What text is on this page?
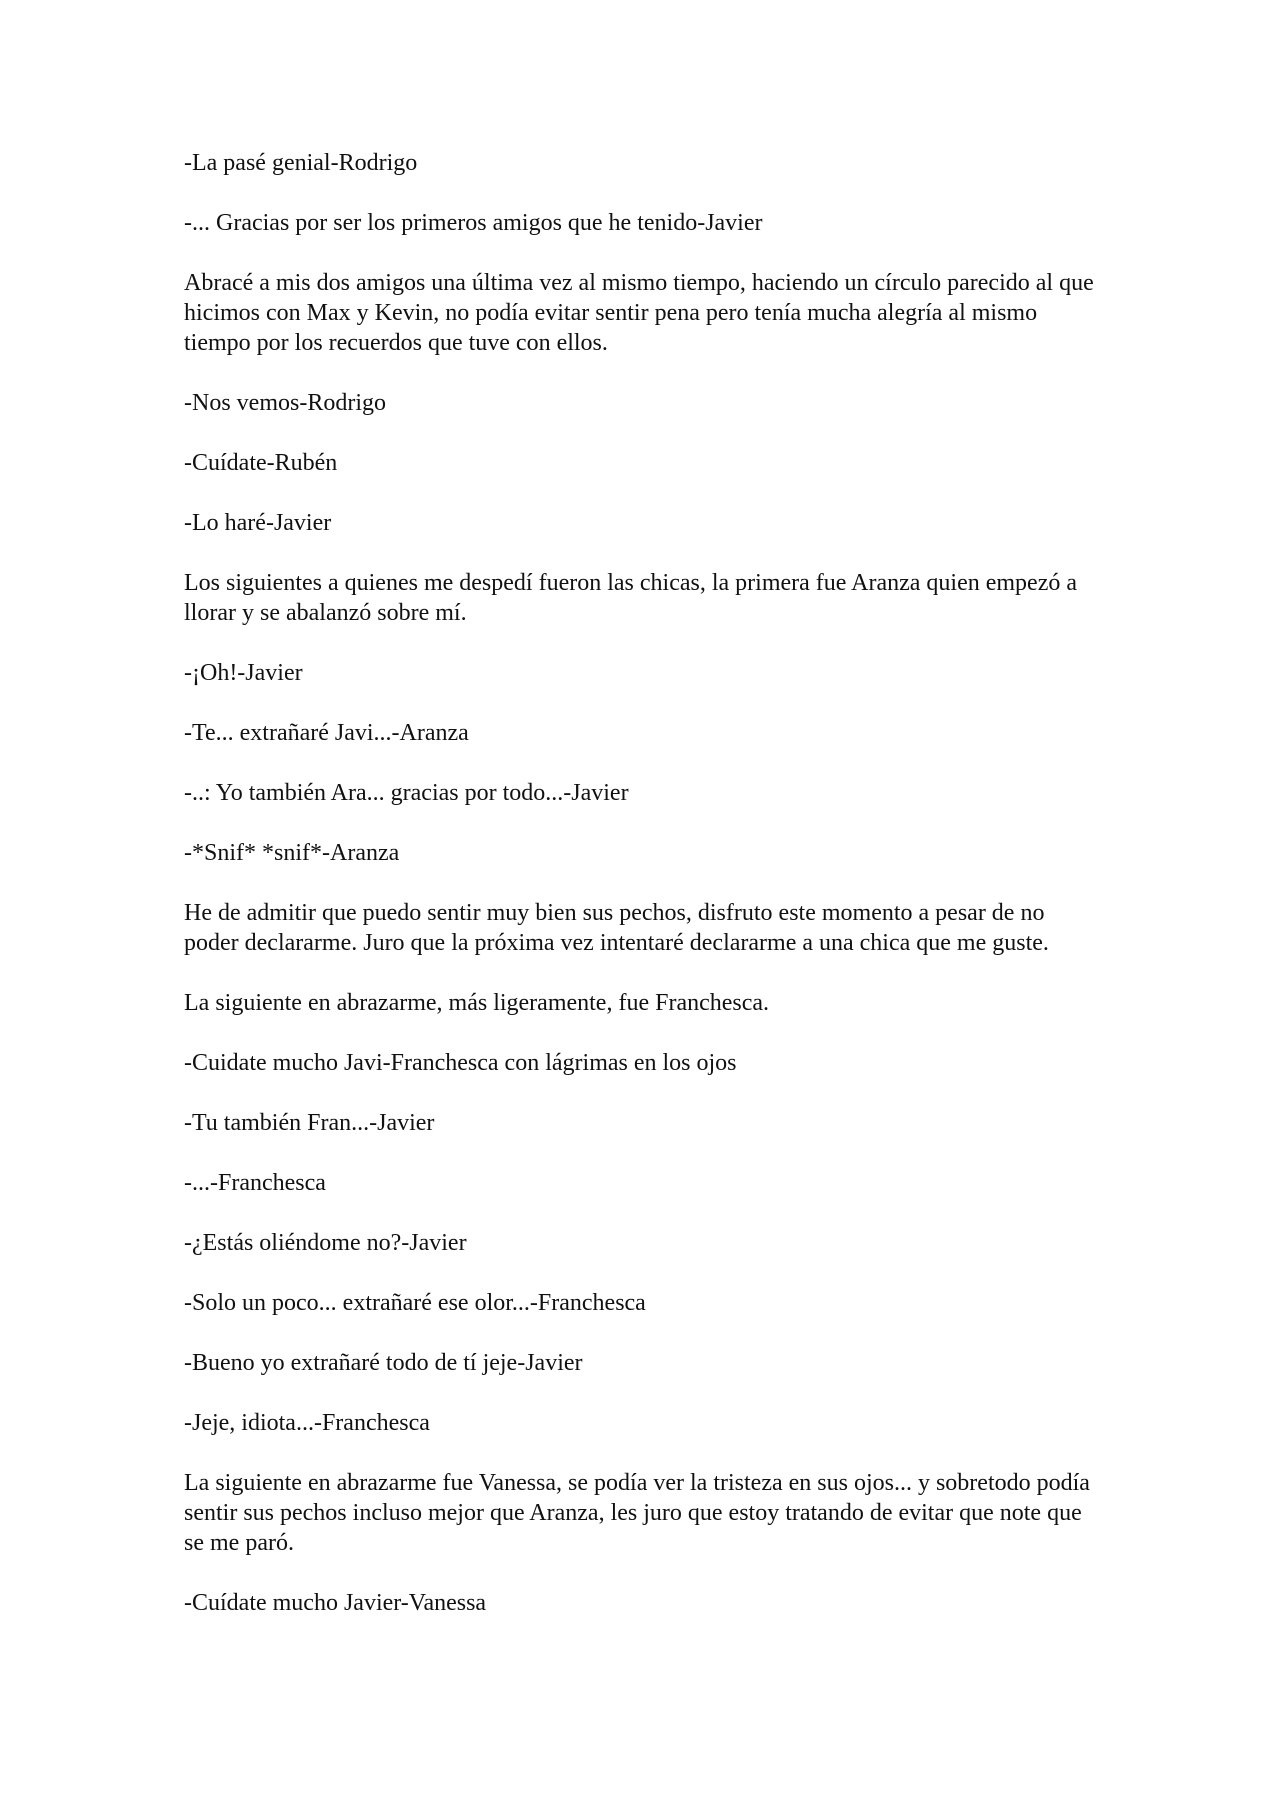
-La pasé genial-Rodrigo

-... Gracias por ser los primeros amigos que he tenido-Javier

Abracé a mis dos amigos una última vez al mismo tiempo, haciendo un círculo parecido al que hicimos con Max y Kevin, no podía evitar sentir pena pero tenía mucha alegría al mismo tiempo por los recuerdos que tuve con ellos.

-Nos vemos-Rodrigo

-Cuídate-Rubén

-Lo haré-Javier

Los siguientes a quienes me despedí fueron las chicas, la primera fue Aranza quien empezó a llorar y se abalanzó sobre mí.

-¡Oh!-Javier

-Te... extrañaré Javi...-Aranza

-..: Yo también Ara... gracias por todo...-Javier

-*Snif* *snif*-Aranza

He de admitir que puedo sentir muy bien sus pechos, disfruto este momento a pesar de no poder declararme. Juro que la próxima vez intentaré declararme a una chica que me guste.

La siguiente en abrazarme, más ligeramente, fue Franchesca.

-Cuidate mucho Javi-Franchesca con lágrimas en los ojos

-Tu también Fran...-Javier

-...-Franchesca

-¿Estás oliéndome no?-Javier

-Solo un poco... extrañaré ese olor...-Franchesca

-Bueno yo extrañaré todo de tí jeje-Javier

-Jeje, idiota...-Franchesca

La siguiente en abrazarme fue Vanessa, se podía ver la tristeza en sus ojos... y sobretodo podía sentir sus pechos incluso mejor que Aranza, les juro que estoy tratando de evitar que note que se me paró.

-Cuídate mucho Javier-Vanessa
